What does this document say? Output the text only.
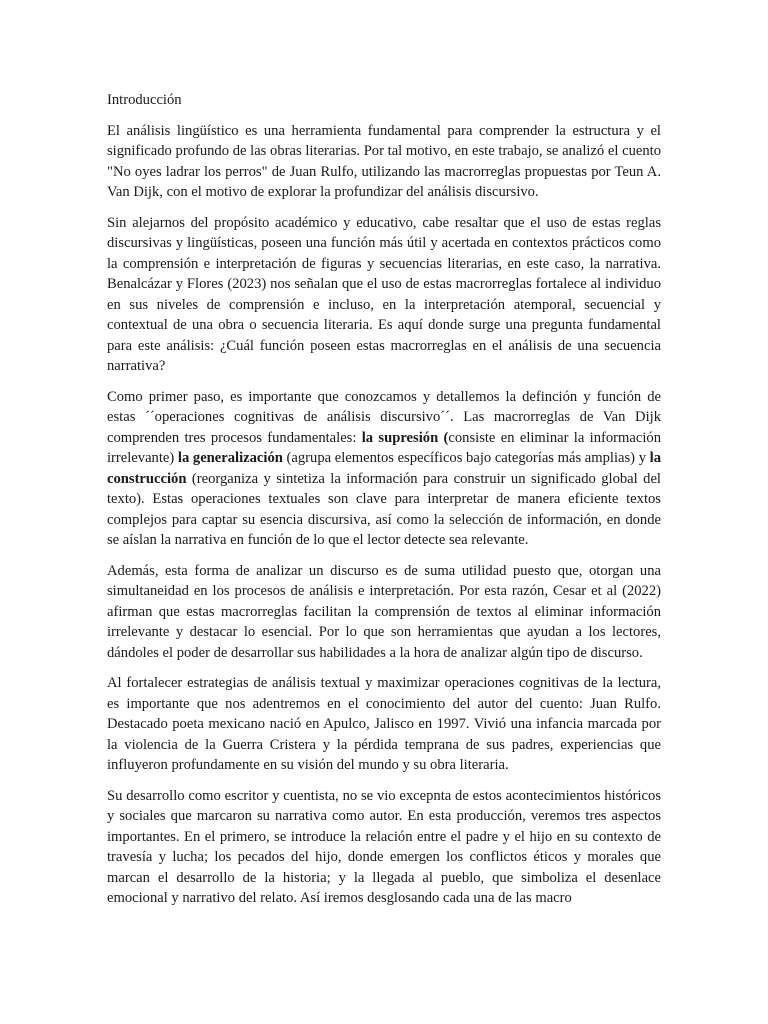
Introducción

El análisis lingüístico es una herramienta fundamental para comprender la estructura y el significado profundo de las obras literarias. Por tal motivo, en este trabajo, se analizó el cuento "No oyes ladrar los perros" de Juan Rulfo, utilizando las macrorreglas propuestas por Teun A. Van Dijk, con el motivo de explorar la profundizar del análisis discursivo.

Sin alejarnos del propósito académico y educativo, cabe resaltar que el uso de estas reglas discursivas y lingüísticas, poseen una función más útil y acertada en contextos prácticos como la comprensión e interpretación de figuras y secuencias literarias, en este caso, la narrativa. Benalcázar y Flores (2023) nos señalan que el uso de estas macrorreglas fortalece al individuo en sus niveles de comprensión e incluso, en la interpretación atemporal, secuencial y contextual de una obra o secuencia literaria. Es aquí donde surge una pregunta fundamental para este análisis: ¿Cuál función poseen estas macrorreglas en el análisis de una secuencia narrativa?

Como primer paso, es importante que conozcamos y detallemos la definción y función de estas ´´operaciones cognitivas de análisis discursivo´´. Las macrorreglas de Van Dijk comprenden tres procesos fundamentales: la supresión (consiste en eliminar la información irrelevante) la generalización (agrupa elementos específicos bajo categorías más amplias) y la construcción (reorganiza y sintetiza la información para construir un significado global del texto). Estas operaciones textuales son clave para interpretar de manera eficiente textos complejos para captar su esencia discursiva, así como la selección de información, en donde se aíslan la narrativa en función de lo que el lector detecte sea relevante.

Además, esta forma de analizar un discurso es de suma utilidad puesto que, otorgan una simultaneidad en los procesos de análisis e interpretación. Por esta razón, Cesar et al (2022) afirman que estas macrorreglas facilitan la comprensión de textos al eliminar información irrelevante y destacar lo esencial. Por lo que son herramientas que ayudan a los lectores, dándoles el poder de desarrollar sus habilidades a la hora de analizar algún tipo de discurso.

Al fortalecer estrategias de análisis textual y maximizar operaciones cognitivas de la lectura, es importante que nos adentremos en el conocimiento del autor del cuento: Juan Rulfo. Destacado poeta mexicano nació en Apulco, Jalisco en 1997. Vivió una infancia marcada por la violencia de la Guerra Cristera y la pérdida temprana de sus padres, experiencias que influyeron profundamente en su visión del mundo y su obra literaria.

Su desarrollo como escritor y cuentista, no se vio excepnta de estos acontecimientos históricos y sociales que marcaron su narrativa como autor. En esta producción, veremos tres aspectos importantes. En el primero, se introduce la relación entre el padre y el hijo en su contexto de travesía y lucha; los pecados del hijo, donde emergen los conflictos éticos y morales que marcan el desarrollo de la historia; y la llegada al pueblo, que simboliza el desenlace emocional y narrativo del relato. Así iremos desglosando cada una de las macro
